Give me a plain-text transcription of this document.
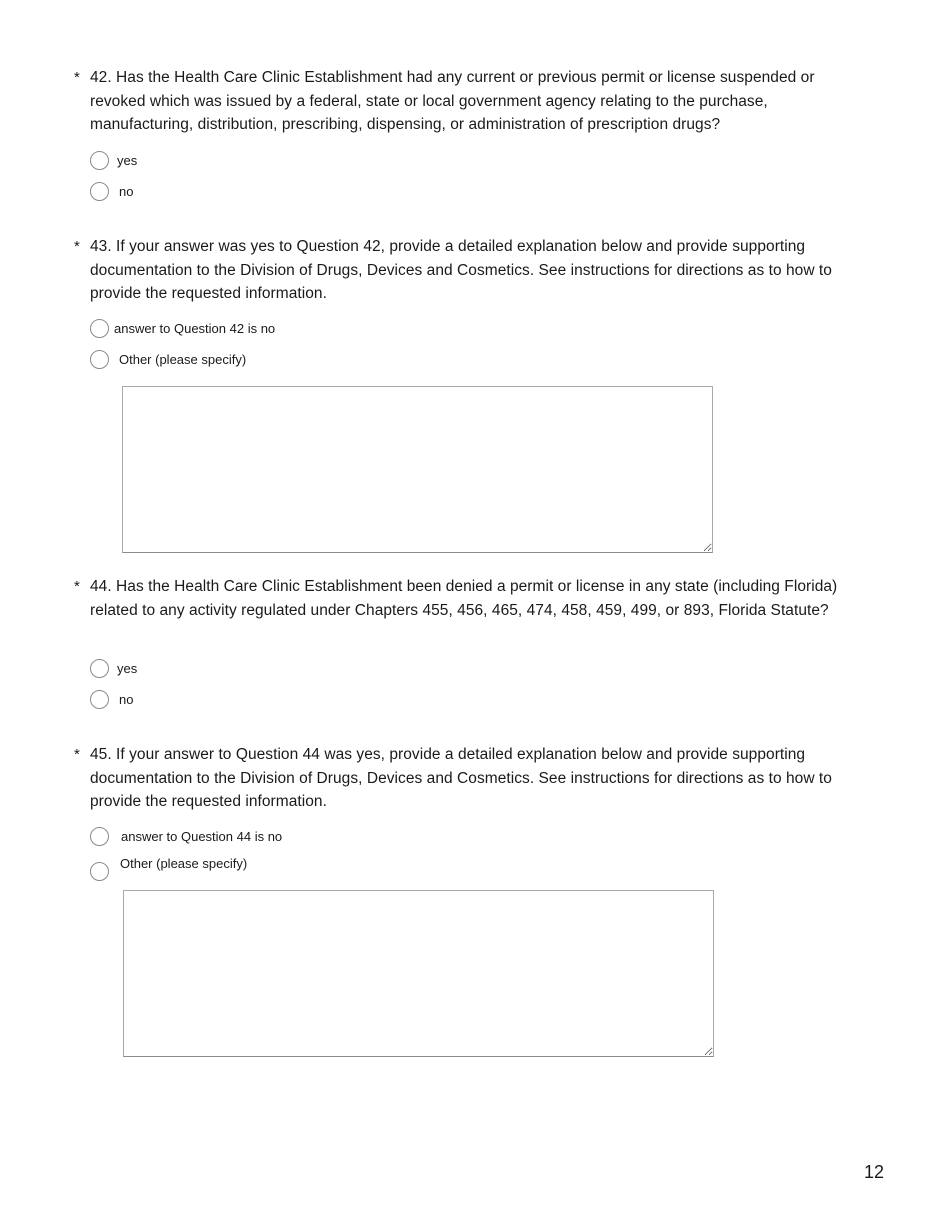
* 42. Has the Health Care Clinic Establishment had any current or previous permit or license suspended or revoked which was issued by a federal, state or local government agency relating to the purchase, manufacturing, distribution, prescribing, dispensing, or administration of prescription drugs?
yes
no
* 43. If your answer was yes to Question 42, provide a detailed explanation below and provide supporting documentation to the Division of Drugs, Devices and Cosmetics. See instructions for directions as to how to provide the requested information.
answer to Question 42 is no
Other (please specify)
* 44. Has the Health Care Clinic Establishment been denied a permit or license in any state (including Florida) related to any activity regulated under Chapters 455, 456, 465, 474, 458, 459, 499, or 893, Florida Statute?
yes
no
* 45. If your answer to Question 44 was yes, provide a detailed explanation below and provide supporting documentation to the Division of Drugs, Devices and Cosmetics. See instructions for directions as to how to provide the requested information.
answer to Question 44 is no
Other (please specify)
12
